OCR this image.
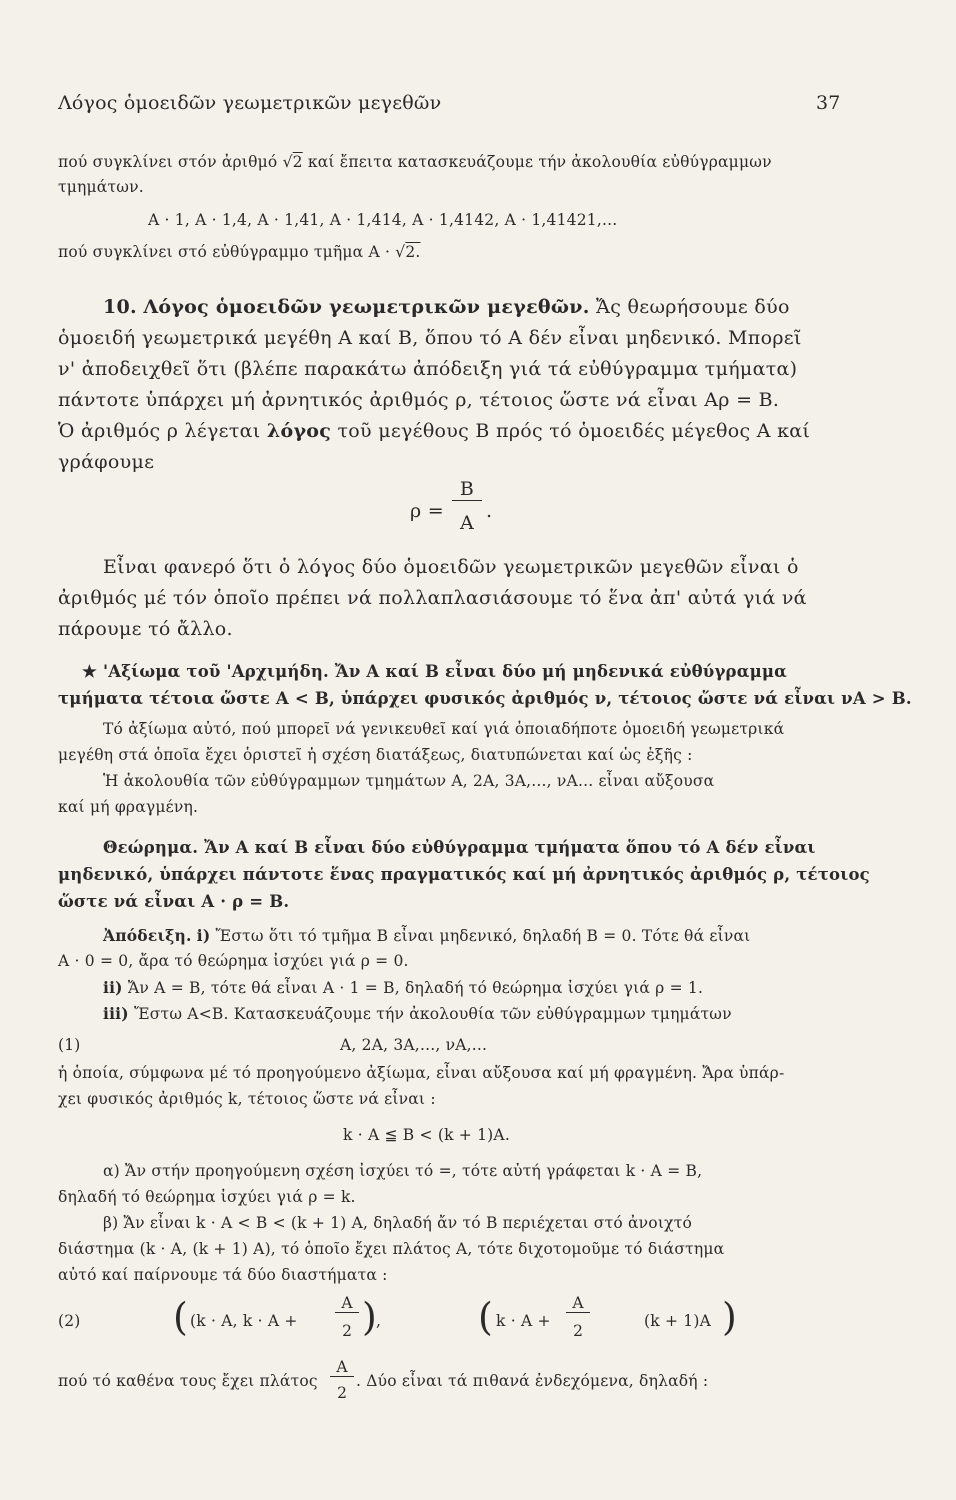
Λόγος ὁμοειδῶν γεωμετρικῶν μεγεθῶν	37
πού συγκλίνει στόν ἀριθμό √2 καί ἔπειτα κατασκευάζουμε τήν ἀκολουθία εὐθύγραμμων
τμημάτων.
A · 1, A · 1,4, A · 1,41, A · 1,414, A · 1,4142, A · 1,41421,...
πού συγκλίνει στό εὐθύγραμμο τμῆμα A · √2.
10. Λόγος ὁμοειδῶν γεωμετρικῶν μεγεθῶν. Ἄς θεωρήσουμε δύο
ὁμοειδή γεωμετρικά μεγέθη A καί B, ὅπου τό A δέν εἶναι μηδενικό. Μπορεῖ
ν' ἀποδειχθεῖ ὅτι (βλέπε παρακάτω ἀπόδειξη γιά τά εὐθύγραμμα τμήματα)
πάντοτε ὑπάρχει μή ἀρνητικός ἀριθμός ρ, τέτοιος ὥστε νά εἶναι Aρ = B.
Ὁ ἀριθμός ρ λέγεται λόγος τοῦ μεγέθους B πρός τό ὁμοειδές μέγεθος A καί
γράφουμε
ρ =
B
A
.
Εἶναι φανερό ὅτι ὁ λόγος δύο ὁμοειδῶν γεωμετρικῶν μεγεθῶν εἶναι ὁ
ἀριθμός μέ τόν ὁποῖο πρέπει νά πολλαπλασιάσουμε τό ἕνα ἀπ' αὐτά γιά νά
πάρουμε τό ἄλλο.
★ 'Αξίωμα τοῦ 'Αρχιμήδη. Ἄν A καί B εἶναι δύο μή μηδενικά εὐθύγραμμα
τμήματα τέτοια ὥστε A < B, ὑπάρχει φυσικός ἀριθμός ν, τέτοιος ὥστε νά εἶναι νA > B.
Τό ἀξίωμα αὐτό, πού μπορεῖ νά γενικευθεῖ καί γιά ὁποιαδήποτε ὁμοειδή γεωμετρικά
μεγέθη στά ὁποῖα ἔχει ὁριστεῖ ἡ σχέση διατάξεως, διατυπώνεται καί ὡς ἑξῆς :
Ἡ ἀκολουθία τῶν εὐθύγραμμων τμημάτων A, 2A, 3A,..., νA... εἶναι αὔξουσα
καί μή φραγμένη.
Θεώρημα. Ἄν A καί B εἶναι δύο εὐθύγραμμα τμήματα ὅπου τό A δέν εἶναι
μηδενικό, ὑπάρχει πάντοτε ἕνας πραγματικός καί μή ἀρνητικός ἀριθμός ρ, τέτοιος
ὥστε νά εἶναι A · ρ = B.
Ἀπόδειξη. i) Ἔστω ὅτι τό τμῆμα B εἶναι μηδενικό, δηλαδή B = 0. Τότε θά εἶναι
A · 0 = 0, ἄρα τό θεώρημα ἰσχύει γιά ρ = 0.
ii) Ἄν A = B, τότε θά εἶναι A · 1 = B, δηλαδή τό θεώρημα ἰσχύει γιά ρ = 1.
iii) Ἔστω A<B. Κατασκευάζουμε τήν ἀκολουθία τῶν εὐθύγραμμων τμημάτων
(1)	A, 2A, 3A,..., νA,...
ἡ ὁποία, σύμφωνα μέ τό προηγούμενο ἀξίωμα, εἶναι αὔξουσα καί μή φραγμένη. Ἄρα ὑπάρ-
χει φυσικός ἀριθμός k, τέτοιος ὥστε νά εἶναι :
k · A ≦ B < (k + 1)A.
α) Ἄν στήν προηγούμενη σχέση ἰσχύει τό =, τότε αὐτή γράφεται k · A = B,
δηλαδή τό θεώρημα ἰσχύει γιά ρ = k.
β) Ἄν εἶναι k · A < B < (k + 1) A, δηλαδή ἄν τό B περιέχεται στό ἀνοιχτό
διάστημα (k · A, (k + 1) A), τό ὁποῖο ἔχει πλάτος A, τότε διχοτομοῦμε τό διάστημα
αὐτό καί παίρνουμε τά δύο διαστήματα :
(2) ( (k · A, k · A +
A
2 ) ,	( k · A +
A
2
(k + 1)A )
πού τό καθένα τους ἔχει πλάτος
A
2
. Δύο εἶναι τά πιθανά ἐνδεχόμενα, δηλαδή :
